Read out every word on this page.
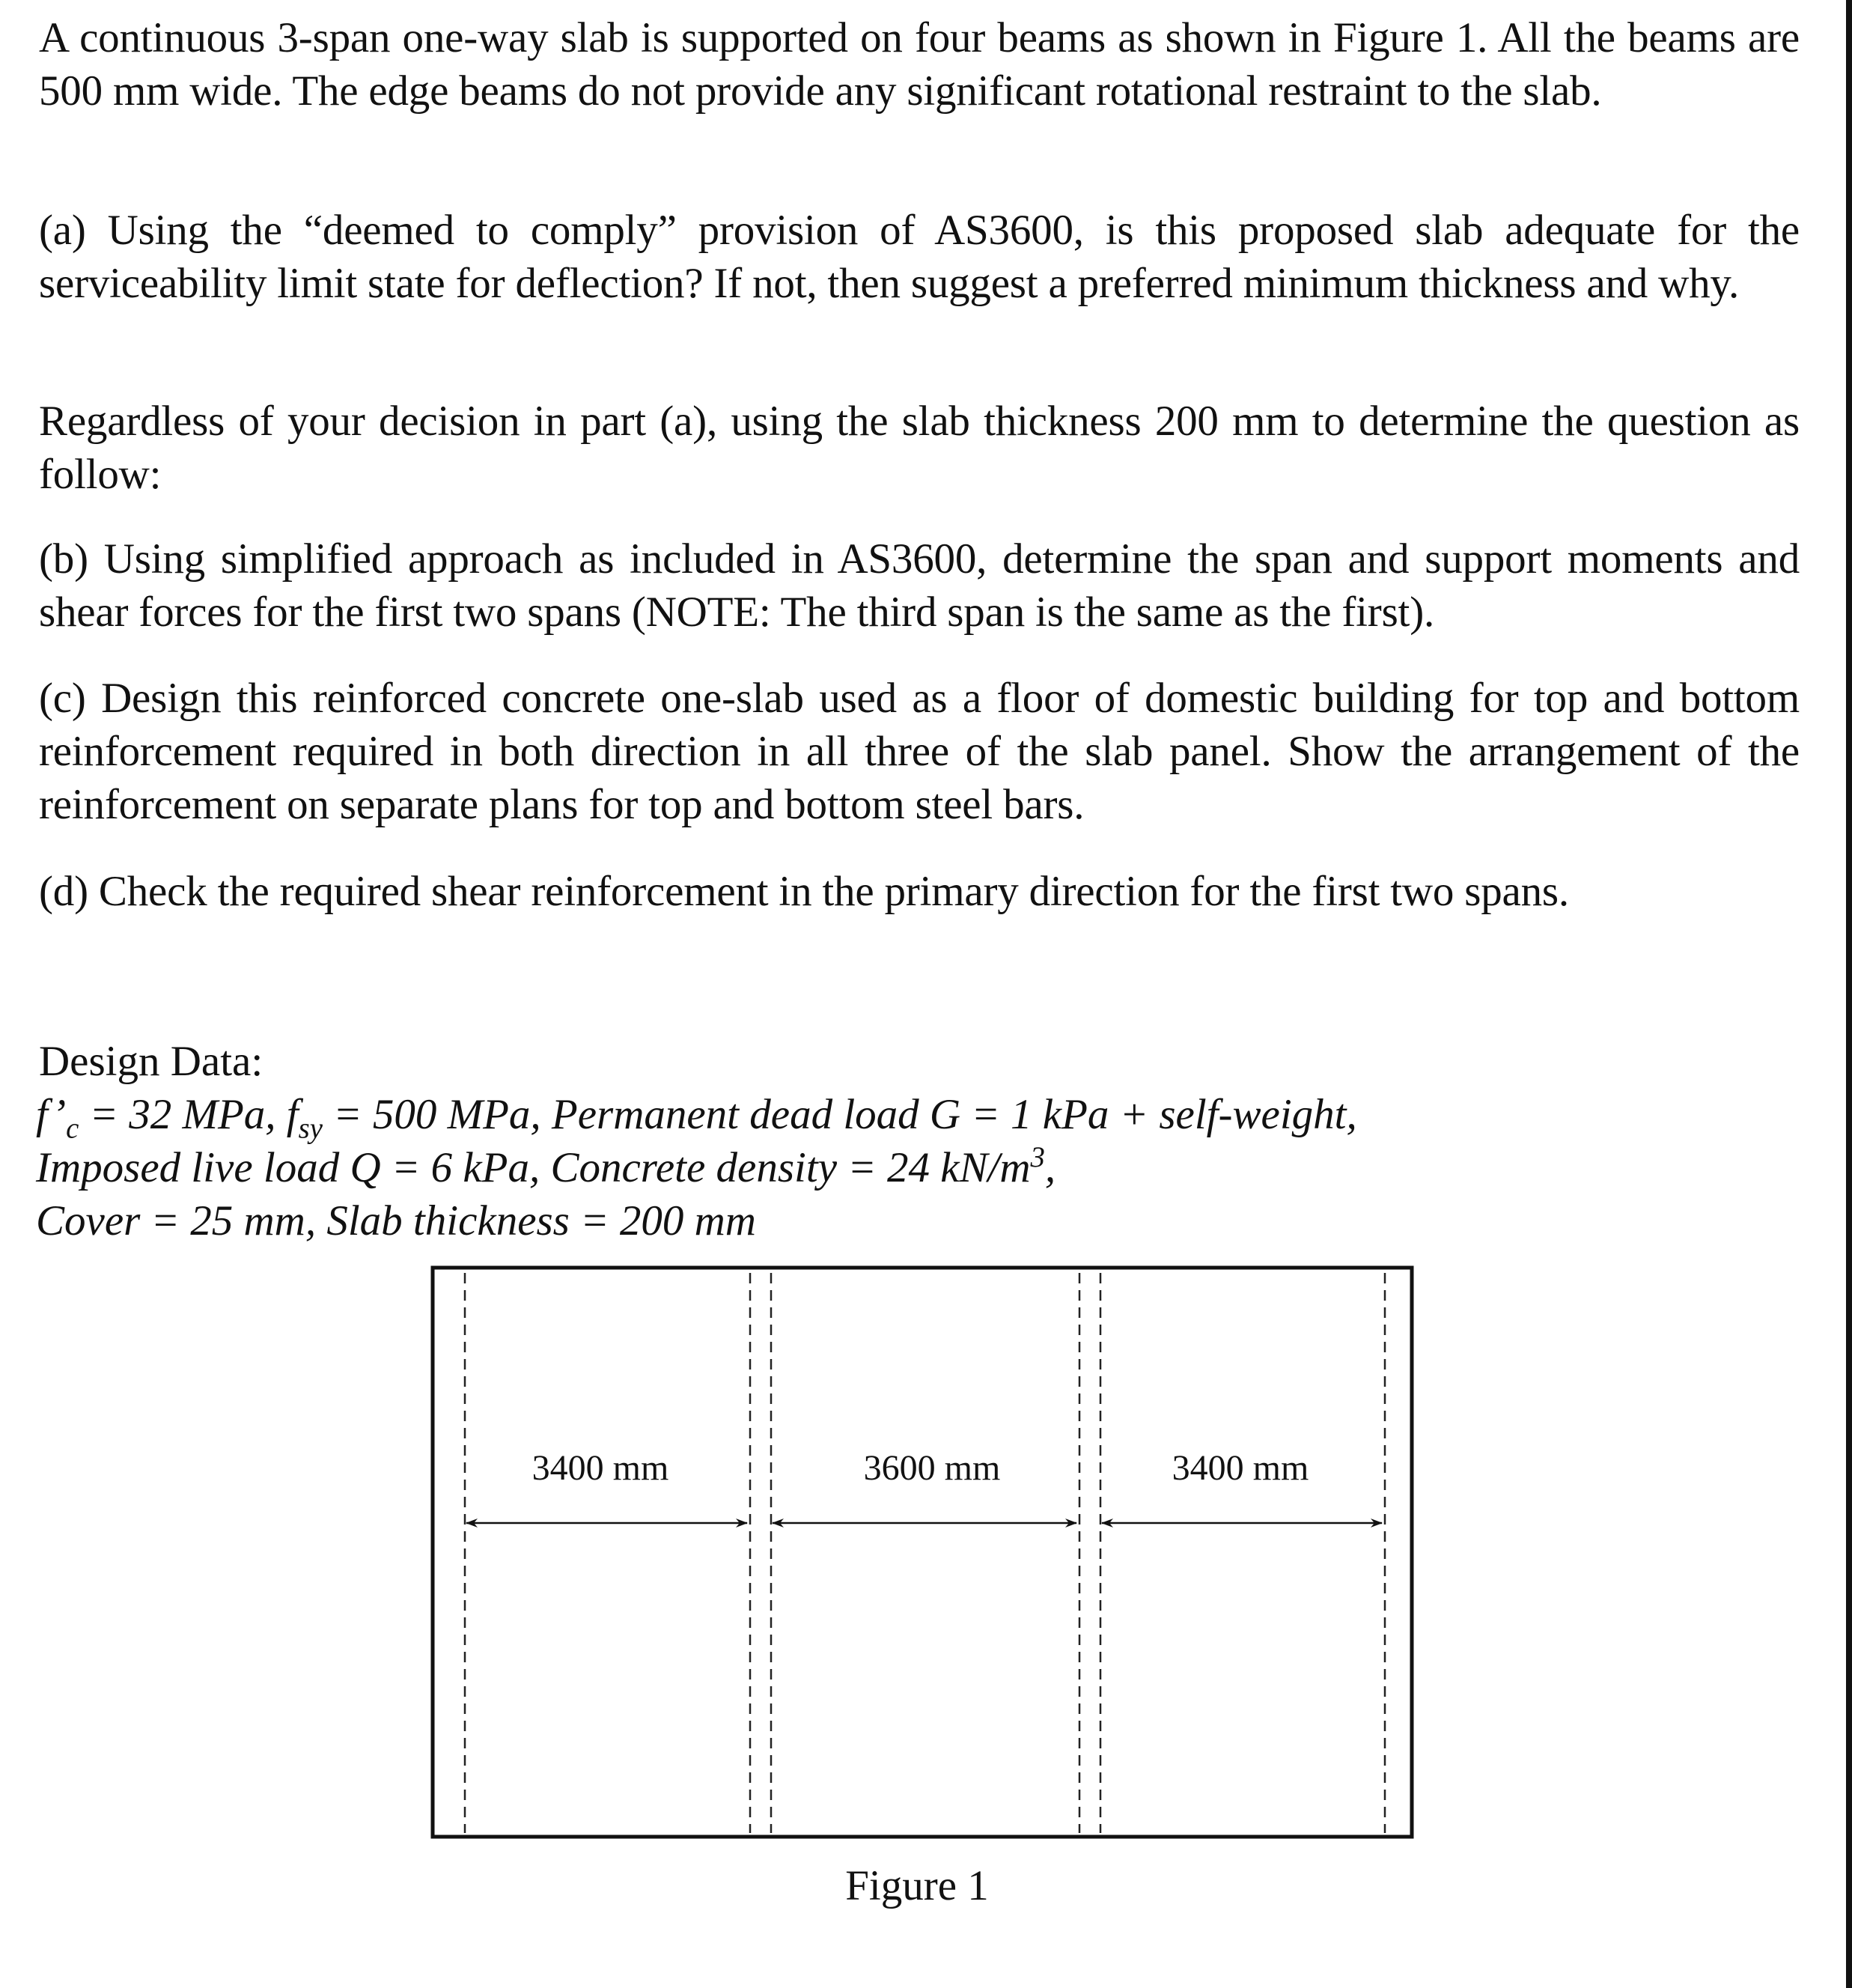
A continuous 3-span one-way slab is supported on four beams as shown in Figure 1. All the beams are 500 mm wide. The edge beams do not provide any significant rotational restraint to the slab.

(a) Using the “deemed to comply” provision of AS3600, is this proposed slab adequate for the serviceability limit state for deflection? If not, then suggest a preferred minimum thickness and why.

Regardless of your decision in part (a), using the slab thickness 200 mm to determine the question as follow:

(b) Using simplified approach as included in AS3600, determine the span and support moments and shear forces for the first two spans (NOTE: The third span is the same as the first).

(c) Design this reinforced concrete one-slab used as a floor of domestic building for top and bottom reinforcement required in both direction in all three of the slab panel. Show the arrangement of the reinforcement on separate plans for top and bottom steel bars.

(d) Check the required shear reinforcement in the primary direction for the first two spans.

Design Data:

$f’_c = 32$ MPa, $f_{sy} = 500$ MPa, Permanent dead load G = 1 kPa + self-weight,

Imposed live load Q = 6 kPa, Concrete density = 24 $kN/m^3$,

Cover = 25 mm, Slab thickness = 200 mm

3400 mm	3600 mm	3400 mm

Figure 1
